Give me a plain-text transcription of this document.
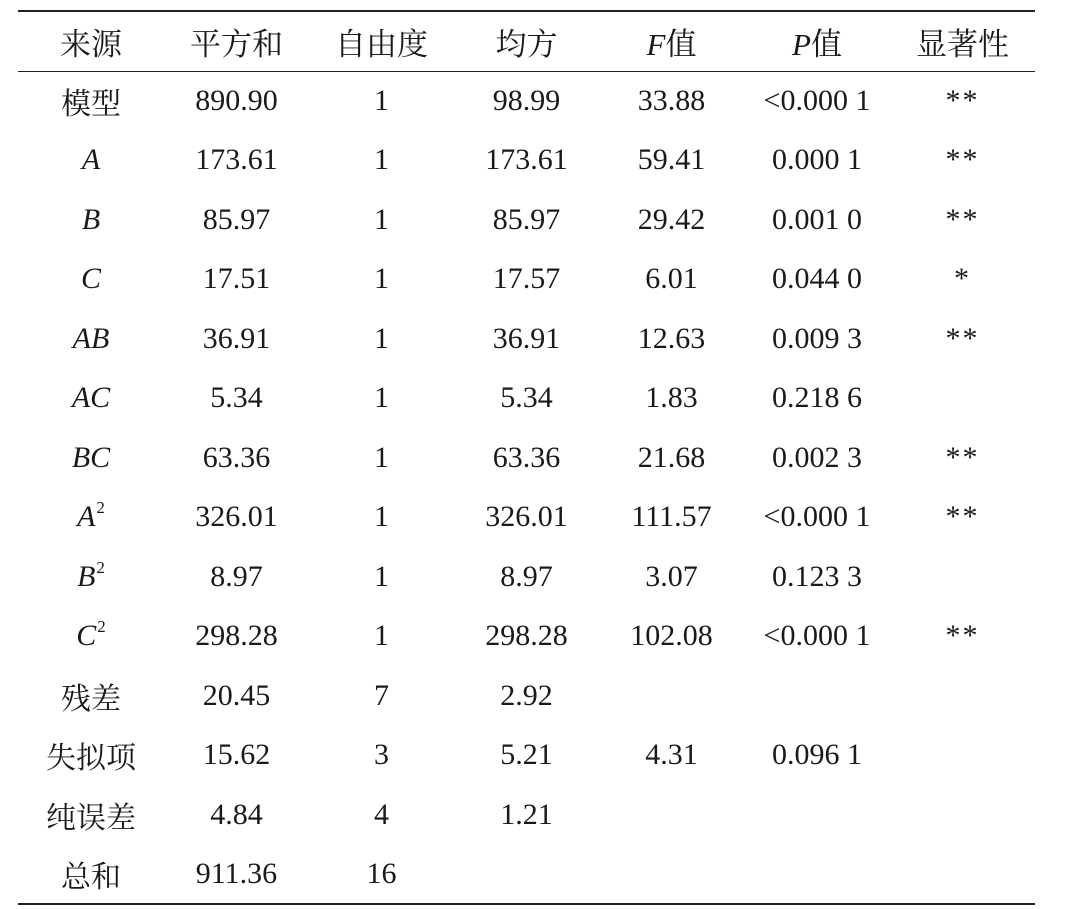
来源	平方和	自由度	均方	F值	P值	显著性
模型	890.90	1	98.99	33.88	<0.000 1	**
A	173.61	1	173.61	59.41	0.000 1	**
B	85.97	1	85.97	29.42	0.001 0	**
C	17.51	1	17.57	6.01	0.044 0	*
AB	36.91	1	36.91	12.63	0.009 3	**
AC	5.34	1	5.34	1.83	0.218 6	
BC	63.36	1	63.36	21.68	0.002 3	**
$A^2$	326.01	1	326.01	111.57	<0.000 1	**
$B^2$	8.97	1	8.97	3.07	0.123 3	
$C^2$	298.28	1	298.28	102.08	<0.000 1	**
残差	20.45	7	2.92			
失拟项	15.62	3	5.21	4.31	0.096 1	
纯误差	4.84	4	1.21			
总和	911.36	16				
